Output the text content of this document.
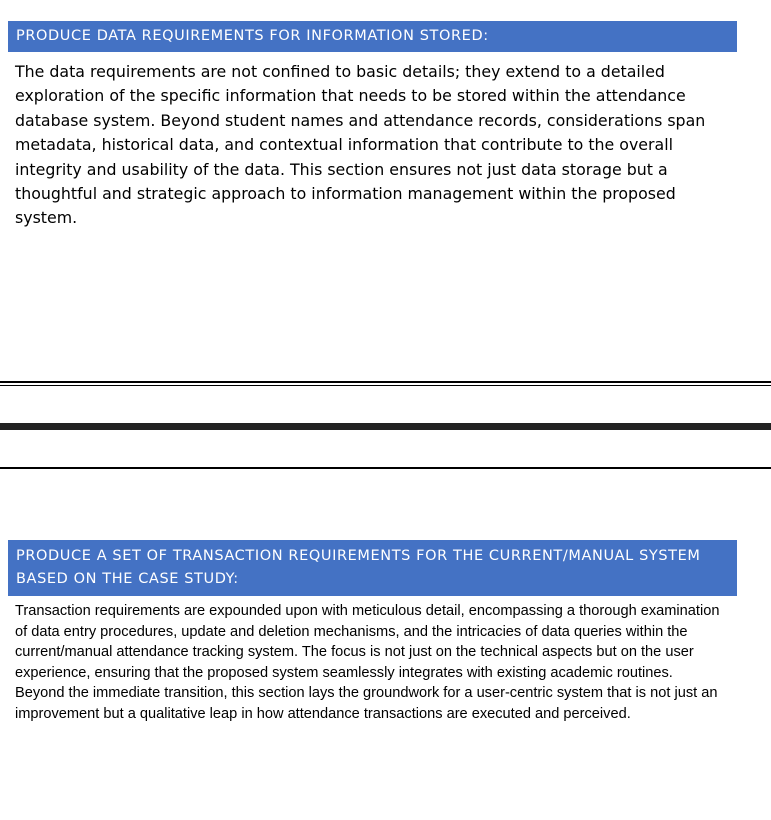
PRODUCE DATA REQUIREMENTS FOR INFORMATION STORED:

The data requirements are not confined to basic details; they extend to a detailed exploration of the specific information that needs to be stored within the attendance database system. Beyond student names and attendance records, considerations span metadata, historical data, and contextual information that contribute to the overall integrity and usability of the data. This section ensures not just data storage but a thoughtful and strategic approach to information management within the proposed system.

PRODUCE A SET OF TRANSACTION REQUIREMENTS FOR THE CURRENT/MANUAL SYSTEM BASED ON THE CASE STUDY:

Transaction requirements are expounded upon with meticulous detail, encompassing a thorough examination of data entry procedures, update and deletion mechanisms, and the intricacies of data queries within the current/manual attendance tracking system. The focus is not just on the technical aspects but on the user experience, ensuring that the proposed system seamlessly integrates with existing academic routines. Beyond the immediate transition, this section lays the groundwork for a user-centric system that is not just an improvement but a qualitative leap in how attendance transactions are executed and perceived.
